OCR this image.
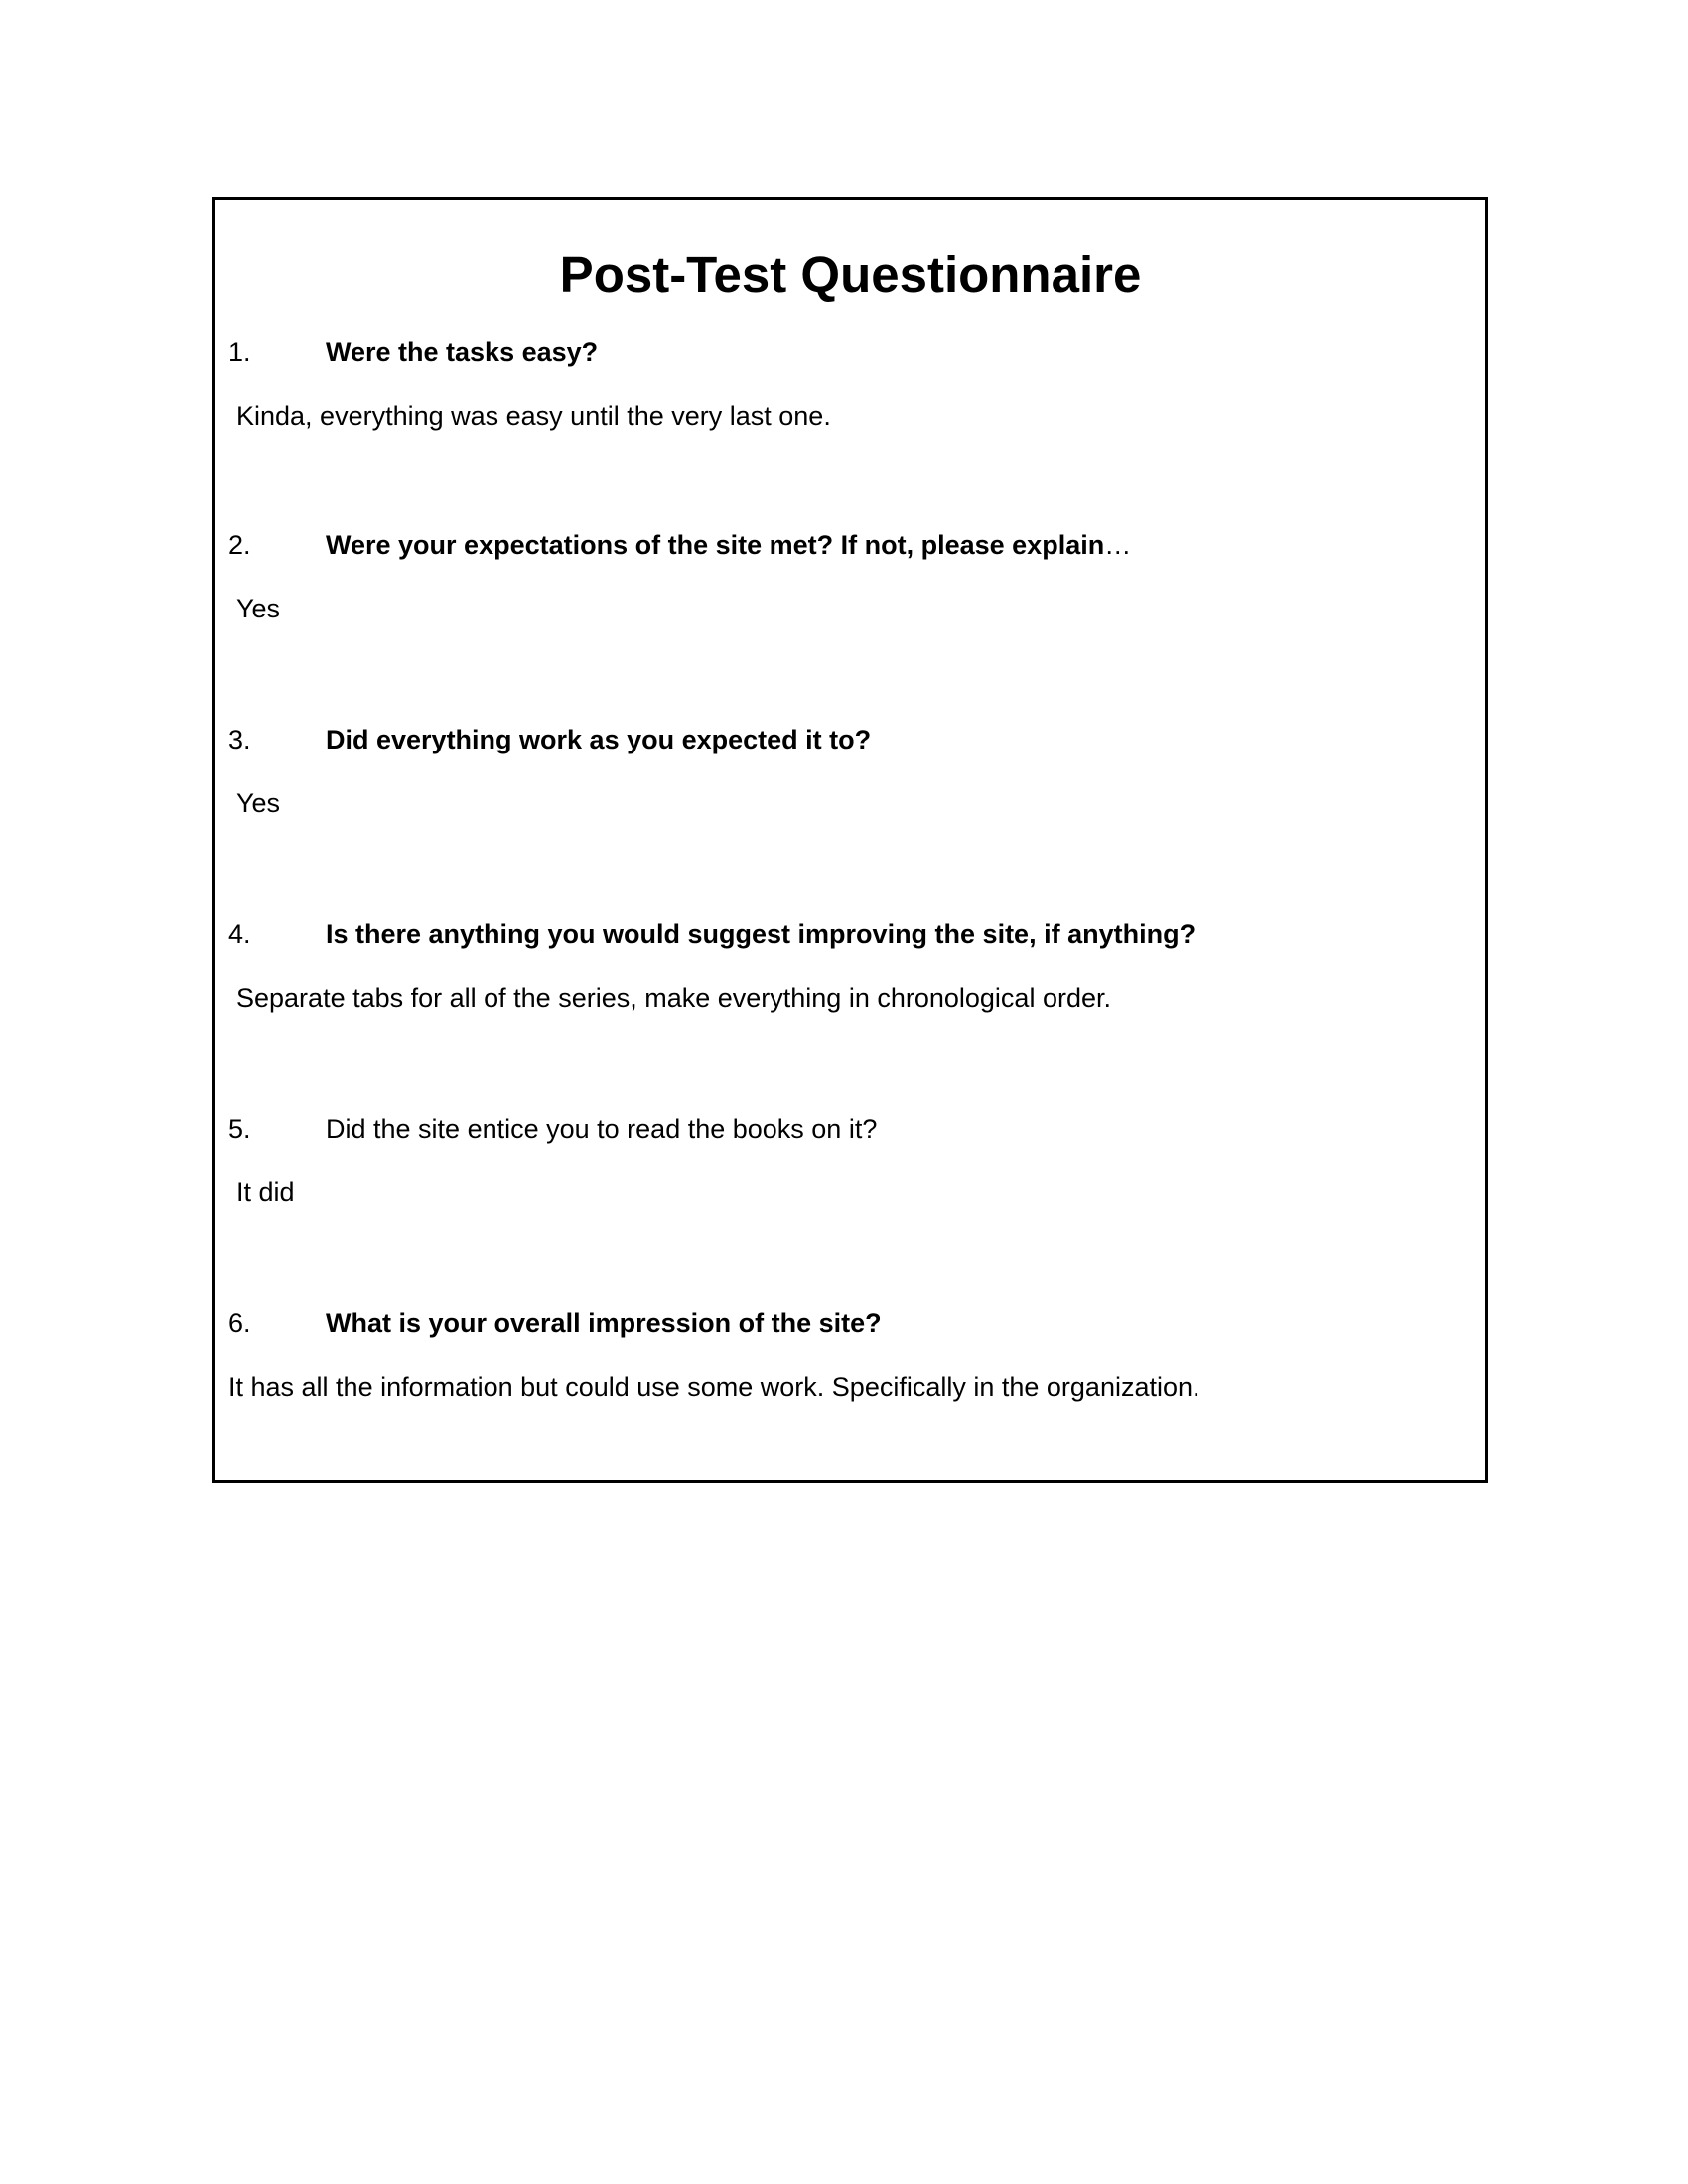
Post-Test Questionnaire
1.	Were the tasks easy?
Kinda, everything was easy until the very last one.
2.	Were your expectations of the site met? If not, please explain…
Yes
3.	Did everything work as you expected it to?
Yes
4.	Is there anything you would suggest improving the site, if anything?
Separate tabs for all of the series, make everything in chronological order.
5.	Did the site entice you to read the books on it?
It did
6.	What is your overall impression of the site?
It has all the information but could use some work. Specifically in the organization.
